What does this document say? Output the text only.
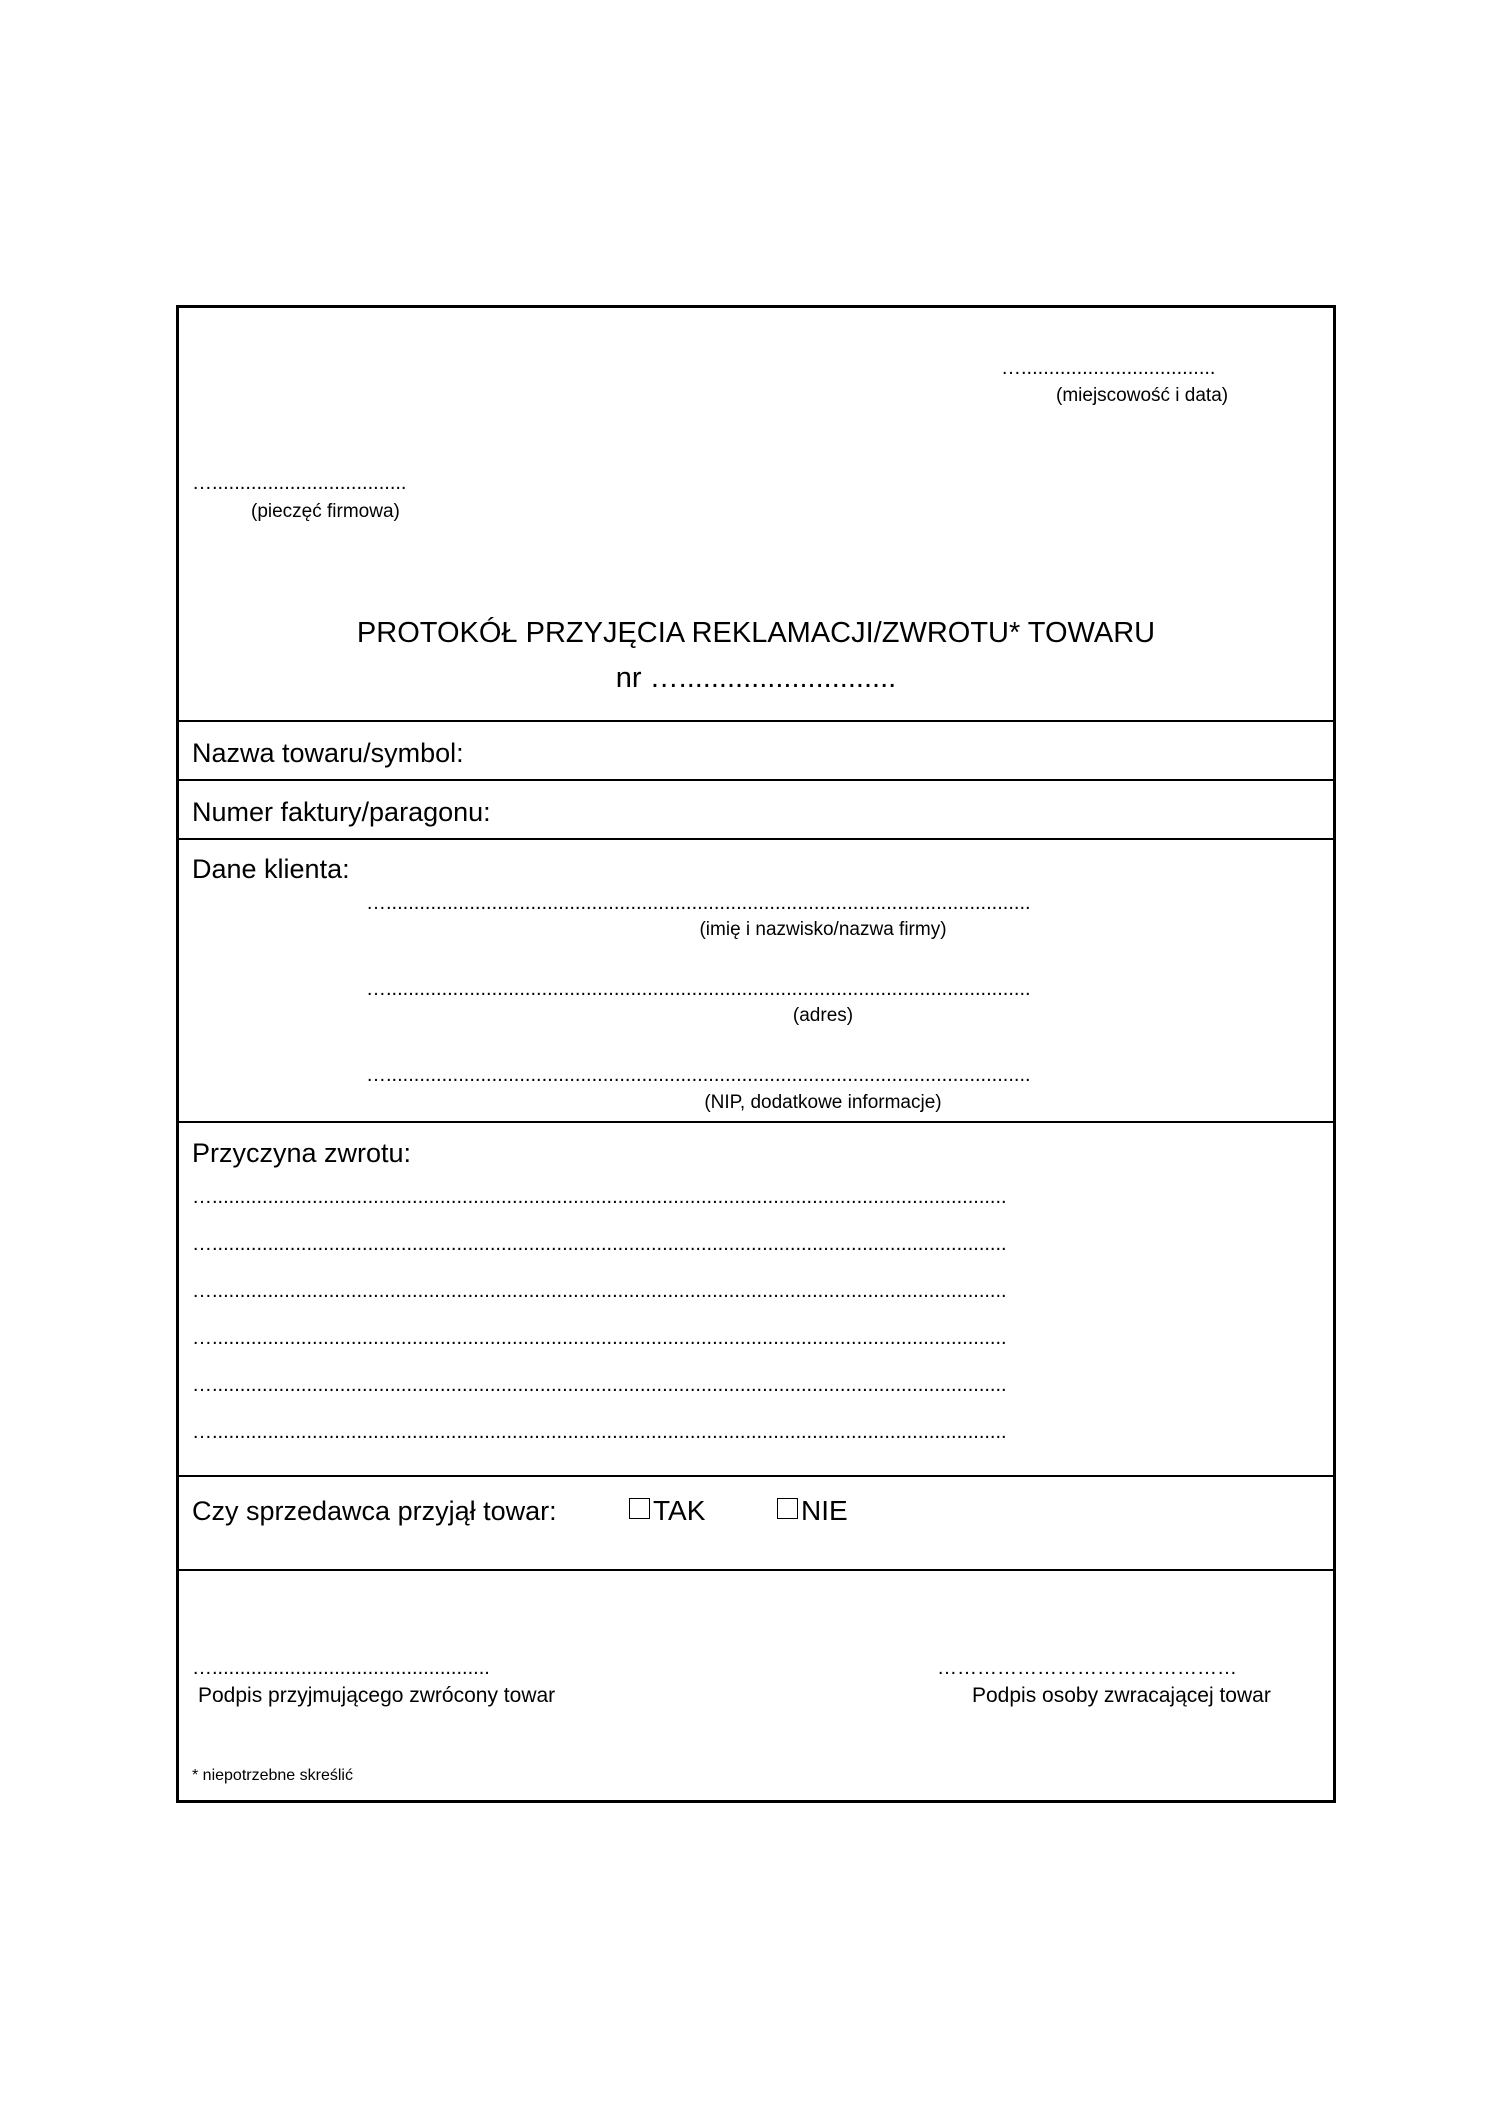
…...................................
(miejscowość i data)
…...................................
(pieczęć firmowa)
PROTOKÓŁ PRZYJĘCIA REKLAMACJI/ZWROTU* TOWARU
nr …...........................
Nazwa towaru/symbol:
Numer faktury/paragonu:
Dane klienta:
…....................................................................................................................
(imię i nazwisko/nazwa firmy)
…....................................................................................................................
(adres)
…....................................................................................................................
(NIP, dodatkowe informacje)
Przyczyna zwrotu:
…...............................................................................................................................................
…...............................................................................................................................................
…...............................................................................................................................................
…...............................................................................................................................................
…...............................................................................................................................................
…...............................................................................................................................................
Czy sprzedawca przyjął towar:	TAK	NIE
…..................................................
Podpis przyjmującego zwrócony towar
………………………………………
Podpis osoby zwracającej towar
* niepotrzebne skreślić
